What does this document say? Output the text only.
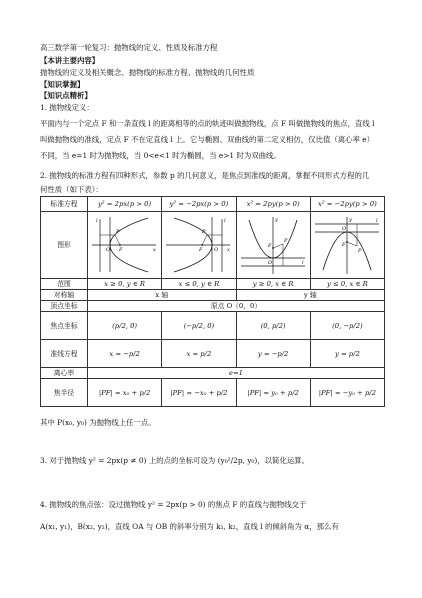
高三数学第一轮复习：抛物线的定义、性质及标准方程
【本讲主要内容】
抛物线的定义及相关概念、抛物线的标准方程、抛物线的几何性质
【知识掌握】
【知识点精析】
1. 抛物线定义：
平面内与一个定点 F 和一条直线 l 的距离相等的点的轨迹叫做抛物线，点 F 叫做抛物线的焦点，直线 l
叫做抛物线的准线，定点 F 不在定直线 l 上。它与椭圆、双曲线的第二定义相仿，仅比值（离心率 e）
不同，当 e=1 时为抛物线，当 0<e<1 时为椭圆，当 e>1 时为双曲线。
2. 抛物线的标准方程有四种形式，参数 p 的几何意义，是焦点到准线的距离，掌握不同形式方程的几
何性质（如下表）：
标准方程	y² = 2px(p > 0)	y² = −2px(p > 0)	x² = 2py(p > 0)	x² = −2py(p > 0)
图形	P
F
l
x
O	P
F
l
x
O	P
F
l
y
O	P
F
l
y
O

范围	x ≥ 0, y ∈ R	x ≤ 0, y ∈ R	y ≥ 0, x ∈ R	y ≤ 0, x ∈ R
对称轴	x 轴		y 轴	
顶点坐标	原点 O（0，0）			
焦点坐标	(p/2, 0)	(−p/2, 0)	(0, p/2)	(0, −p/2)
准线方程	x = −p/2	x = p/2	y = −p/2	y = p/2
离心率	e=1			
焦半径	|PF| = x₀ + p/2	|PF| = −x₀ + p/2	|PF| = y₀ + p/2	|PF| = −y₀ + p/2
其中 P(x₀, y₀) 为抛物线上任一点。
3. 对于抛物线 y² = 2px(p ≠ 0) 上的点的坐标可设为 (y₀²/2p, y₀)，以简化运算。
4. 抛物线的焦点弦：设过抛物线 y² = 2px(p > 0) 的焦点 F 的直线与抛物线交于
A(x₁, y₁)，B(x₂, y₂)，直线 OA 与 OB 的斜率分别为 k₁, k₂，直线 l 的倾斜角为 α，那么有
